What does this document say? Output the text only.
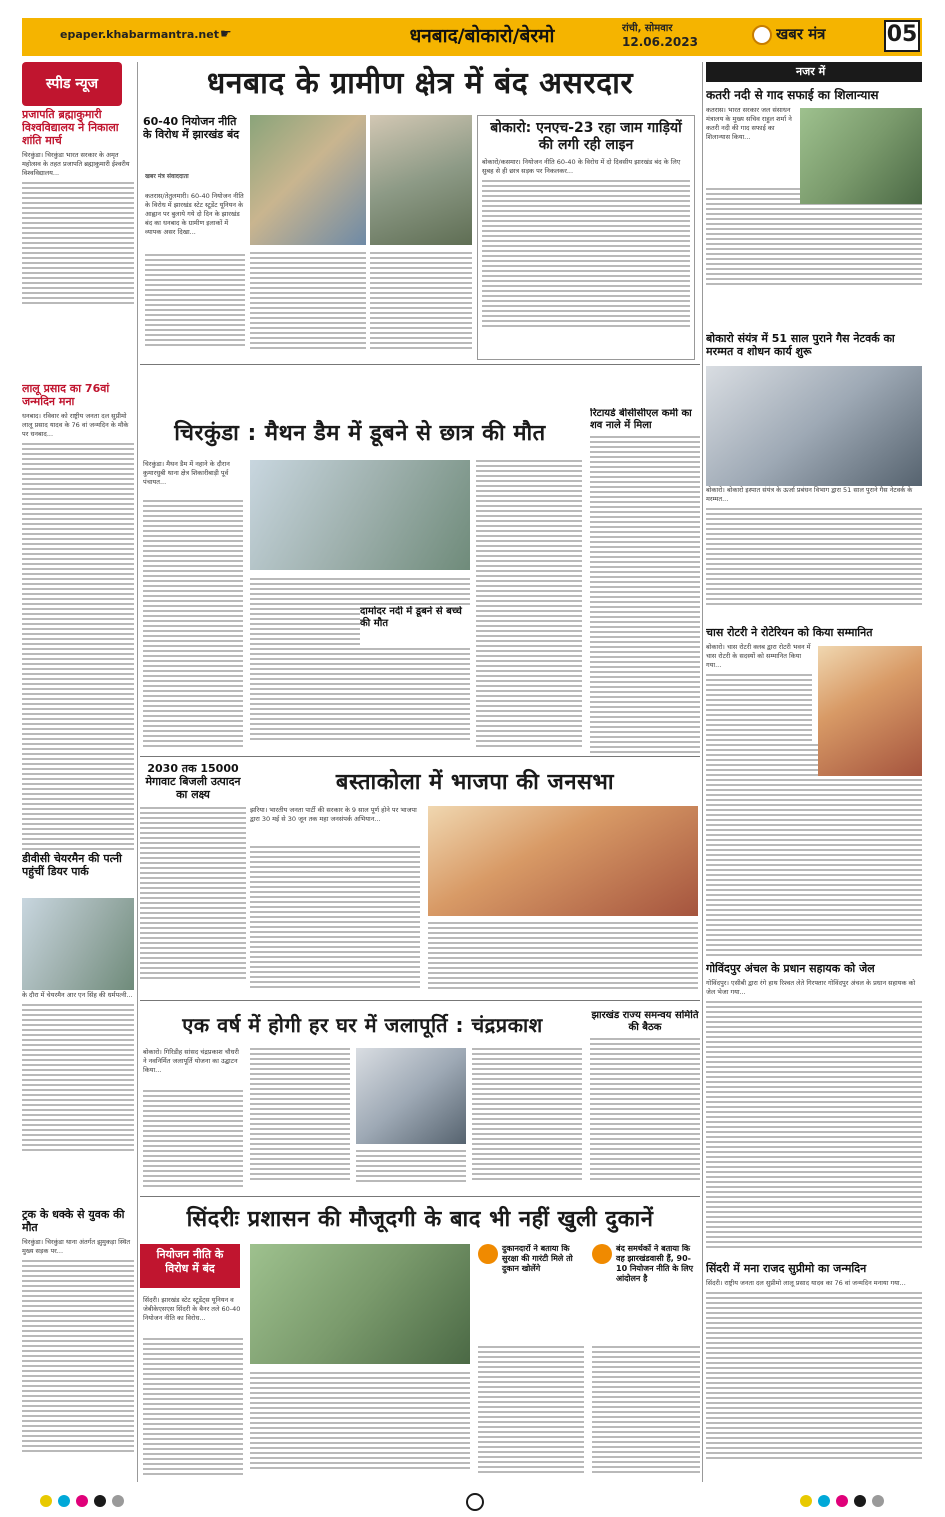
epaper.khabarmantra.net ☛	धनबाद/बोकारो/बेरमो	रांची, सोमवार
12.06.2023	खबर मंत्र	05
स्पीड न्यूज
प्रजापति ब्रह्माकुमारी विश्वविद्यालय ने निकाला शांति मार्च
चिरकुंडा। चिरकुंडा भारत सरकार के अमृत महोत्सव के तहत प्रजापति ब्रह्माकुमारी ईश्वरीय विश्वविद्यालय...
लालू प्रसाद का 76वां जन्मदिन मना
धनबाद। रविवार को राष्ट्रीय जनता दल सुप्रीमो लालू प्रसाद यादव के 76 वां जन्मदिन के मौके पर धनबाद...
डीवीसी चेयरमैन की पत्नी पहुंचीं डियर पार्क
के दौरा में चेयरमैन आर एन सिंह की धर्मपत्नी...
ट्रक के धक्के से युवक की मौत
चिरकुंडा। चिरकुंडा थाना अंतर्गत झुमुकड़ा स्थित मुख्य सड़क पर...
धनबाद के ग्रामीण क्षेत्र में बंद असरदार
60-40 नियोजन नीति के विरोध में झारखंड बंद
खबर मंत्र संवाददाता
कतरास/तेतुलमारी। 60-40 नियोजन नीति के विरोध में झारखंड स्टेट स्टूडेंट यूनियन के आह्वान पर बुलाये गये दो दिन के झारखंड बंद का धनबाद के ग्रामीण इलाकों में व्यापक असर दिखा...
बोकारो: एनएच-23 रहा जाम गाड़ियों की लगी रही लाइन
बोकारो/कसमार। नियोजन नीति 60-40 के विरोध में दो दिवसीय झारखंड बंद के लिए सुबह से ही छात्र सड़क पर निकलकर...
चिरकुंडा : मैथन डैम में डूबने से छात्र की मौत
चिरकुंडा। मैथन डैम में नहाने के दौरान कुमारधुबी थाना क्षेत्र शिकारीबाड़ी पूर्व पंचायत...
दामोदर नदी में डूबने से बच्चे की मौत
रिटायर्ड बीसीसीएल कर्मी का शव नाले में मिला
2030 तक 15000 मेगावाट बिजली उत्पादन का लक्ष्य	बस्ताकोला में भाजपा की जनसभा
झरिया। भारतीय जनता पार्टी की सरकार के 9 साल पूर्ण होने पर भाजपा द्वारा 30 मई से 30 जून तक महा जनसंपर्क अभियान...
एक वर्ष में होगी हर घर में जलापूर्ति : चंद्रप्रकाश
बोकारो। गिरिडीह सांसद चंद्रप्रकाश चौधरी ने नवनिर्मित जलापूर्ति योजना का उद्घाटन किया...
झारखंड राज्य समन्वय समिति की बैठक
सिंदरीः प्रशासन की मौजूदगी के बाद भी नहीं खुली दुकानें
नियोजन नीति के विरोध में बंद
सिंदरी। झारखंड स्टेट स्टूडेंट्स यूनियन व जेबीकेएसएस सिंदरी के बैनर तले 60-40 नियोजन नीति का विरोध...
दुकानदारों ने बताया कि सुरक्षा की गारंटी मिले तो दुकान खोलेंगे
बंद समर्थकों ने बताया कि वह झारखंडवासी हैं, 90-10 नियोजन नीति के लिए आंदोलन है
नजर में
कतरी नदी से गाद सफाई का शिलान्यास
कतरास। भारत सरकार जल संसाधन मंत्रालय के मुख्य सचिव राहुल शर्मा ने कतरी नदी की गाद सफाई का शिलान्यास किया...
बोकारो संयंत्र में 51 साल पुराने गैस नेटवर्क का मरम्मत व शोधन कार्य शुरू
बोकारो। बोकारो इस्पात संयंत्र के ऊर्जा प्रबंधन विभाग द्वारा 51 साल पुराने गैस नेटवर्क के मरम्मत...
चास रोटरी ने रोटेरियन को किया सम्मानित
बोकारो। चास रोटरी क्लब द्वारा रोटरी भवन में चास रोटरी के सदस्यों को सम्मानित किया गया...
गोविंदपुर अंचल के प्रधान सहायक को जेल
गोविंदपुर। एसीबी द्वारा रंगे हाथ रिश्वत लेते गिरफ्तार गोविंदपुर अंचल के प्रधान सहायक को जेल भेजा गया...
सिंदरी में मना राजद सुप्रीमो का जन्मदिन
सिंदरी। राष्ट्रीय जनता दल सुप्रीमो लालू प्रसाद यादव का 76 वां जन्मदिन मनाया गया...
